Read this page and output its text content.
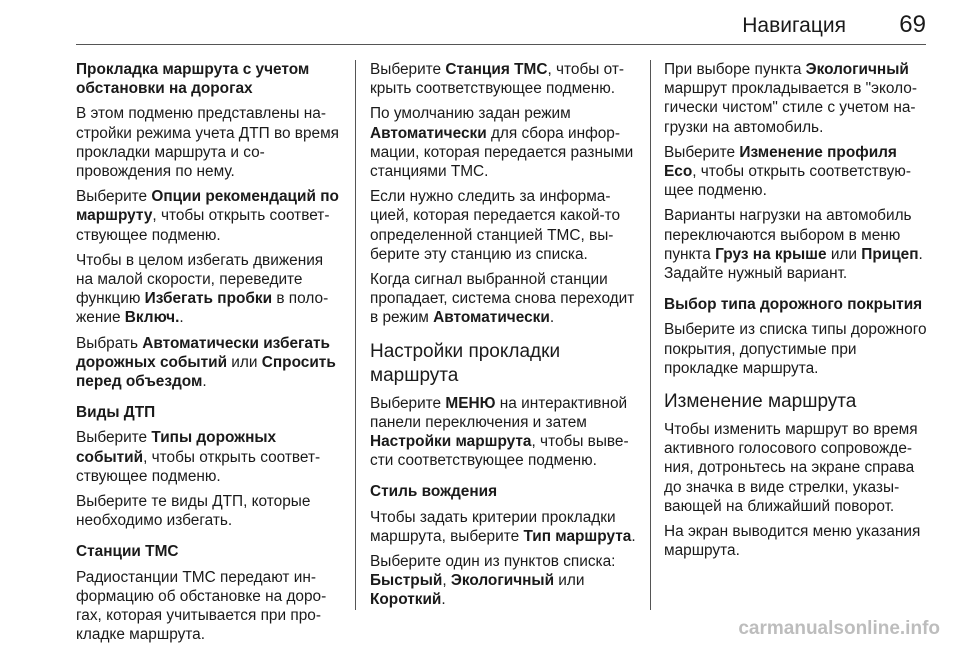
Навигация 69

Прокладка маршрута с учетом обстановки на дорогах

В этом подменю представлены настройки режима учета ДТП во время прокладки маршрута и сопровождения по нему.

Выберите Опции рекомендаций по маршруту, чтобы открыть соответствующее подменю.

Чтобы в целом избегать движения на малой скорости, переведите функцию Избегать пробки в положение Включ..

Выбрать Автоматически избегать дорожных событий или Спросить перед объездом.

Виды ДТП

Выберите Типы дорожных событий, чтобы открыть соответствующее подменю.

Выберите те виды ДТП, которые необходимо избегать.

Станции TMC

Радиостанции TMC передают информацию об обстановке на дорогах, которая учитывается при прокладке маршрута.

Выберите Станция TMC, чтобы открыть соответствующее подменю.

По умолчанию задан режим Автоматически для сбора информации, которая передается разными станциями TMC.

Если нужно следить за информацией, которая передается какой-то определенной станцией TMC, выберите эту станцию из списка.

Когда сигнал выбранной станции пропадает, система снова переходит в режим Автоматически.

Настройки прокладки маршрута

Выберите МЕНЮ на интерактивной панели переключения и затем Настройки маршрута, чтобы вывести соответствующее подменю.

Стиль вождения

Чтобы задать критерии прокладки маршрута, выберите Тип маршрута.

Выберите один из пунктов списка: Быстрый, Экологичный или Короткий.

При выборе пункта Экологичный маршрут прокладывается в "экологически чистом" стиле с учетом нагрузки на автомобиль.

Выберите Изменение профиля Eco, чтобы открыть соответствующее подменю.

Варианты нагрузки на автомобиль переключаются выбором в меню пункта Груз на крыше или Прицеп. Задайте нужный вариант.

Выбор типа дорожного покрытия

Выберите из списка типы дорожного покрытия, допустимые при прокладке маршрута.

Изменение маршрута

Чтобы изменить маршрут во время активного голосового сопровождения, дотроньтесь на экране справа до значка в виде стрелки, указывающей на ближайший поворот.

На экран выводится меню указания маршрута.

carmanualsonline.info
